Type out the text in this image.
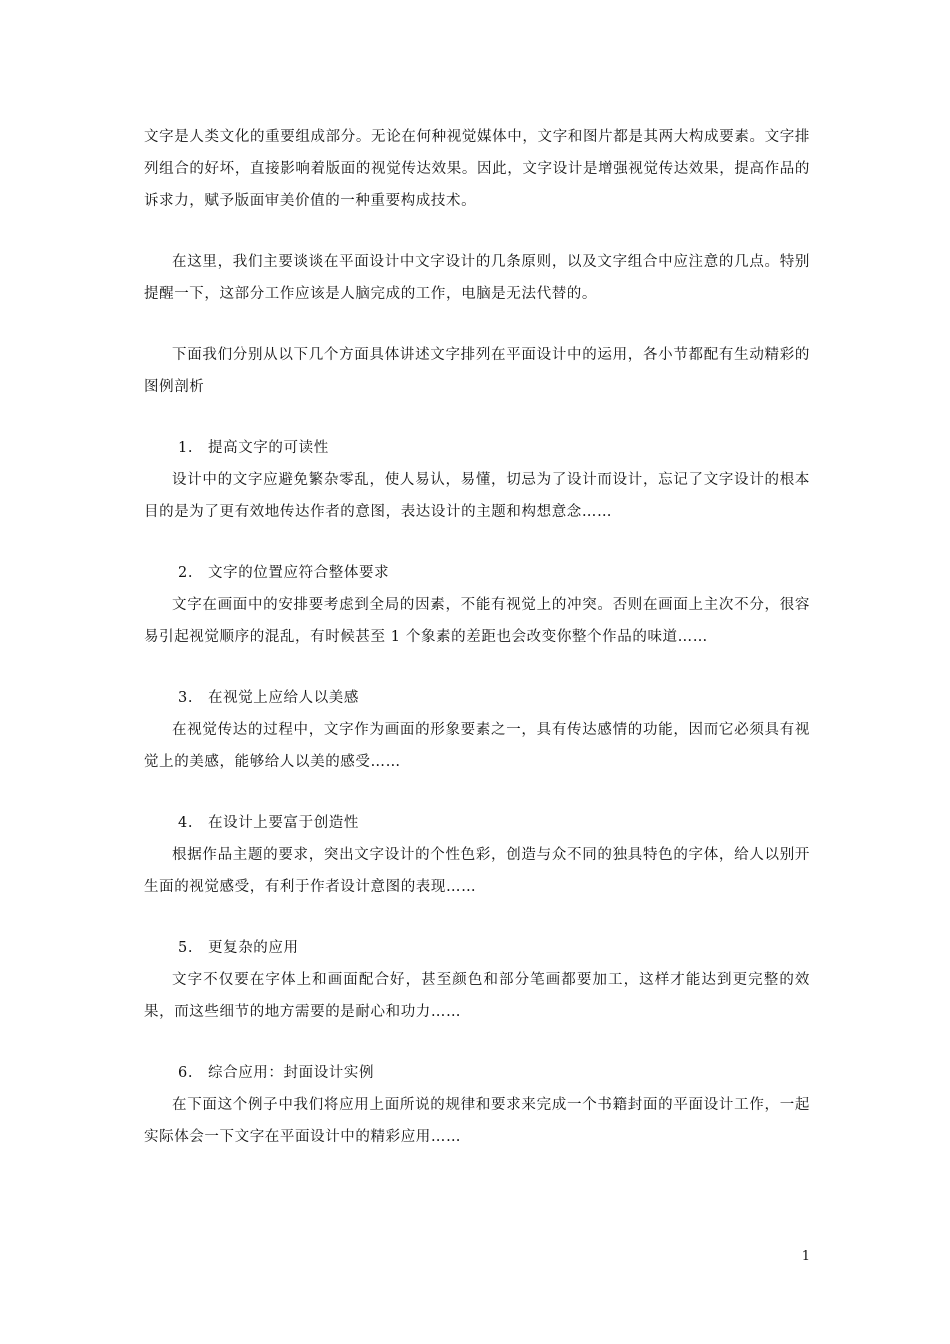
文字是人类文化的重要组成部分。无论在何种视觉媒体中，文字和图片都是其两大构成要素。文字排列组合的好坏，直接影响着版面的视觉传达效果。因此，文字设计是增强视觉传达效果，提高作品的诉求力，赋予版面审美价值的一种重要构成技术。

在这里，我们主要谈谈在平面设计中文字设计的几条原则，以及文字组合中应注意的几点。特别提醒一下，这部分工作应该是人脑完成的工作，电脑是无法代替的。

下面我们分别从以下几个方面具体讲述文字排列在平面设计中的运用，各小节都配有生动精彩的图例剖析

1. 提高文字的可读性

设计中的文字应避免繁杂零乱，使人易认，易懂，切忌为了设计而设计，忘记了文字设计的根本目的是为了更有效地传达作者的意图，表达设计的主题和构想意念……

2. 文字的位置应符合整体要求

文字在画面中的安排要考虑到全局的因素，不能有视觉上的冲突。否则在画面上主次不分，很容易引起视觉顺序的混乱，有时候甚至 1 个象素的差距也会改变你整个作品的味道……

3. 在视觉上应给人以美感

在视觉传达的过程中，文字作为画面的形象要素之一，具有传达感情的功能，因而它必须具有视觉上的美感，能够给人以美的感受……

4. 在设计上要富于创造性

根据作品主题的要求，突出文字设计的个性色彩，创造与众不同的独具特色的字体，给人以别开生面的视觉感受，有利于作者设计意图的表现……

5. 更复杂的应用

文字不仅要在字体上和画面配合好，甚至颜色和部分笔画都要加工，这样才能达到更完整的效果，而这些细节的地方需要的是耐心和功力……

6. 综合应用：封面设计实例

在下面这个例子中我们将应用上面所说的规律和要求来完成一个书籍封面的平面设计工作，一起实际体会一下文字在平面设计中的精彩应用……

1
